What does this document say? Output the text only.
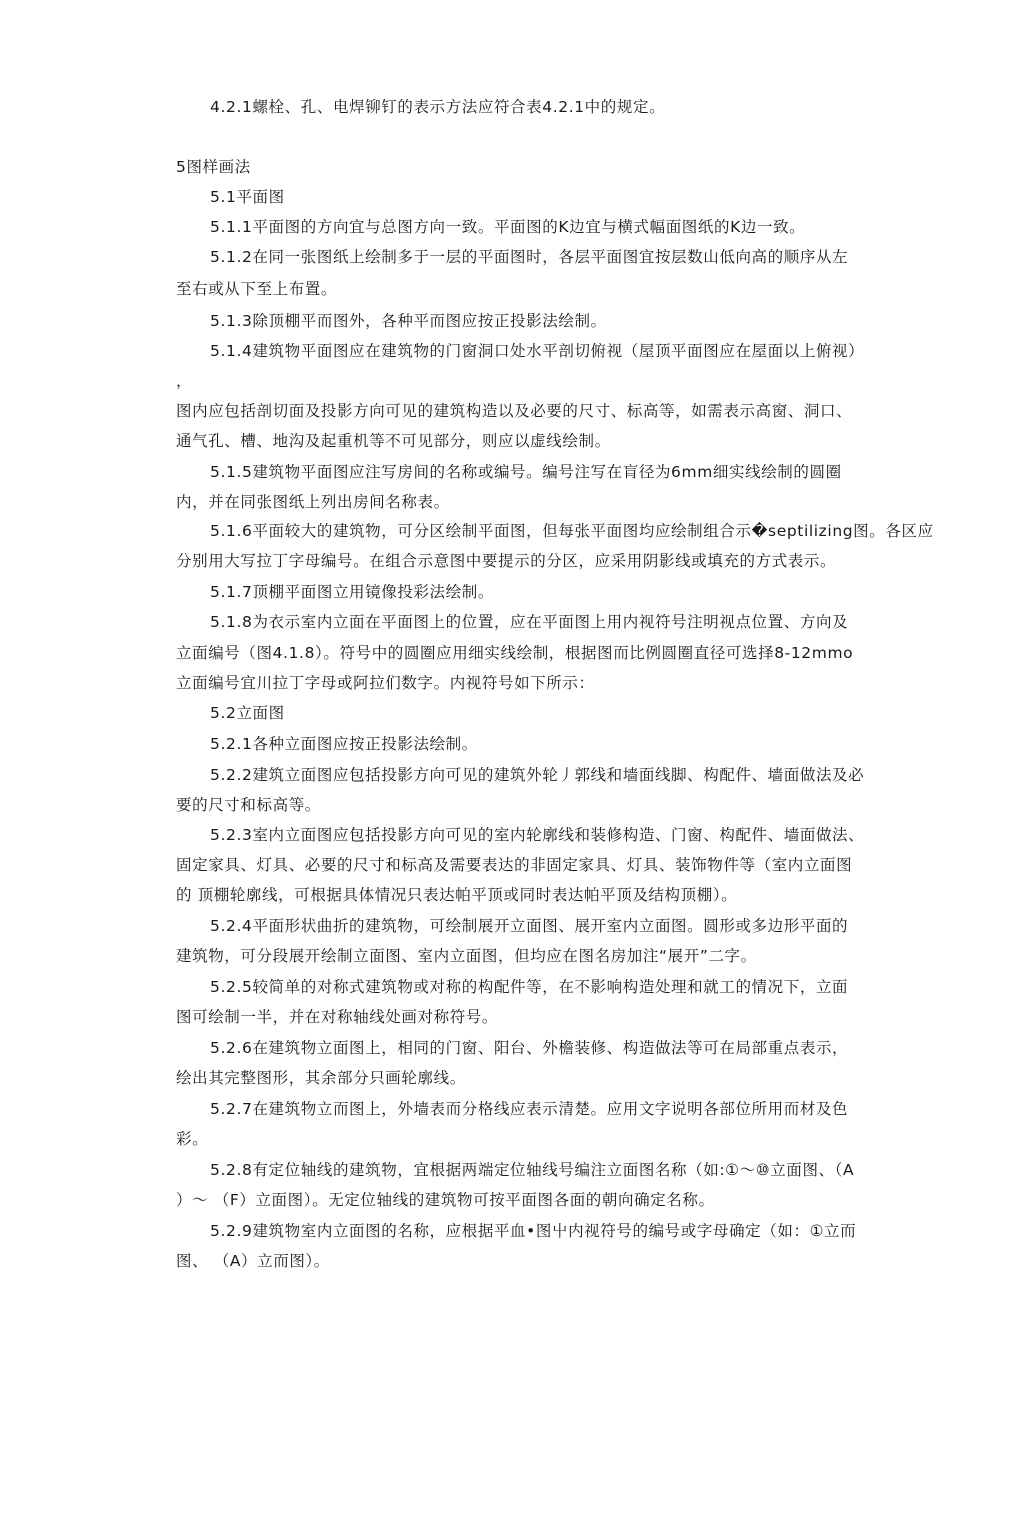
4.2.1螺栓、孔、电焊铆钉的表示方法应符合表4.2.1中的规定。
5图样画法
5.1平面图
5.1.1平面图的方向宜与总图方向一致。平面图的K边宜与横式幅面图纸的K边一致。
5.1.2在同一张图纸上绘制多于一层的平面图时，各层平面图宜按层数山低向高的顺序从左
至右或从下至上布置。
5.1.3除顶棚平而图外，各种平而图应按正投影法绘制。
5.1.4建筑物平面图应在建筑物的门窗洞口处水平剖切俯视（屋顶平面图应在屋面以上俯视）
，
图内应包括剖切面及投影方向可见的建筑构造以及必要的尺寸、标高等，如需表示高窗、洞口、
通气孔、槽、地沟及起重机等不可见部分，则应以虚线绘制。
5.1.5建筑物平面图应注写房间的名称或编号。编号注写在肓径为6mm细实线绘制的圆圈
内，并在同张图纸上列出房间名称表。
5.1.6平面较大的建筑物，可分区绘制平面图，但每张平面图均应绘制组合示�septilizing图。各区应
分别用大写拉丁字母编号。在组合示意图中要提示的分区，应采用阴影线或填充的方式表示。
5.1.7顶棚平面图立用镜像投彩法绘制。
5.1.8为衣示室内立面在平面图上的位置，应在平面图上用内视符号注明视点位置、方向及
立面编号（图4.1.8）。符号中的圆圈应用细实线绘制，根据图而比例圆圈直径可选择8-12mmo
立面编号宜川拉丁字母或阿拉们数字。内视符号如下所示：
5.2立面图
5.2.1各种立面图应按正投影法绘制。
5.2.2建筑立面图应包括投影方向可见的建筑外轮丿郭线和墙面线脚、构配件、墙面做法及必
要的尺寸和标高等。
5.2.3室内立面图应包括投影方向可见的室内轮廓线和装修构造、门窗、构配件、墙面做法、
固定家具、灯具、必要的尺寸和标高及需要表达的非固定家具、灯具、装饰物件等（室内立面图
的 顶棚轮廓线，可根据具体情况只表达帕平顶或同时表达帕平顶及结构顶棚）。
5.2.4平面形状曲折的建筑物，可绘制展开立面图、展开室内立面图。圆形或多边形平面的
建筑物，可分段展开绘制立面图、室内立面图，但均应在图名房加注“展开”二字。
5.2.5较简单的对称式建筑物或对称的构配件等，在不影响构造处理和就工的情况下，立面
图可绘制一半，并在对称轴线处画对称符号。
5.2.6在建筑物立面图上，相同的门窗、阳台、外檐装修、构造做法等可在局部重点表示，
绘出其完整图形，其余部分只画轮廓线。
5.2.7在建筑物立而图上，外墙表而分格线应表示清楚。应用文字说明各部位所用而材及色
彩。
5.2.8有定位轴线的建筑物，宜根据两端定位轴线号编注立面图名称（如:①～⑩立面图、（A
）～ （F）立面图）。无定位轴线的建筑物可按平面图各面的朝向确定名称。
5.2.9建筑物室内立面图的名称，应根据平血•图屮内视符号的编号或字母确定（如：①立而
图、 （A）立而图）。
